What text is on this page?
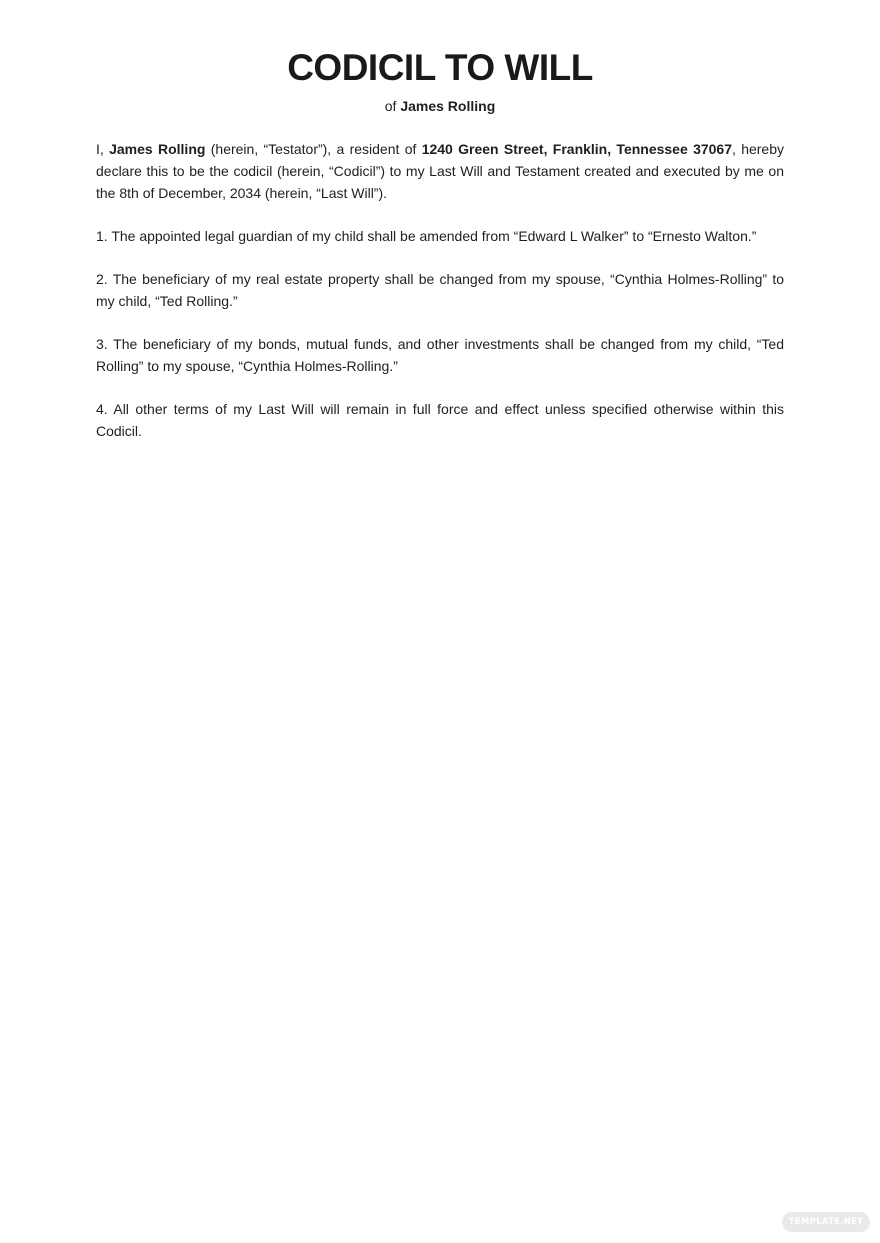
CODICIL TO WILL

of James Rolling

I, James Rolling (herein, “Testator”), a resident of 1240 Green Street, Franklin, Tennessee 37067, hereby declare this to be the codicil (herein, “Codicil”) to my Last Will and Testament created and executed by me on the 8th of December, 2034 (herein, “Last Will”).

1. The appointed legal guardian of my child shall be amended from “Edward L Walker” to “Ernesto Walton.”

2. The beneficiary of my real estate property shall be changed from my spouse, “Cynthia Holmes-Rolling” to my child, “Ted Rolling.”

3. The beneficiary of my bonds, mutual funds, and other investments shall be changed from my child, “Ted Rolling” to my spouse, “Cynthia Holmes-Rolling.”

4. All other terms of my Last Will will remain in full force and effect unless specified otherwise within this Codicil.

TEMPLATE.NET
